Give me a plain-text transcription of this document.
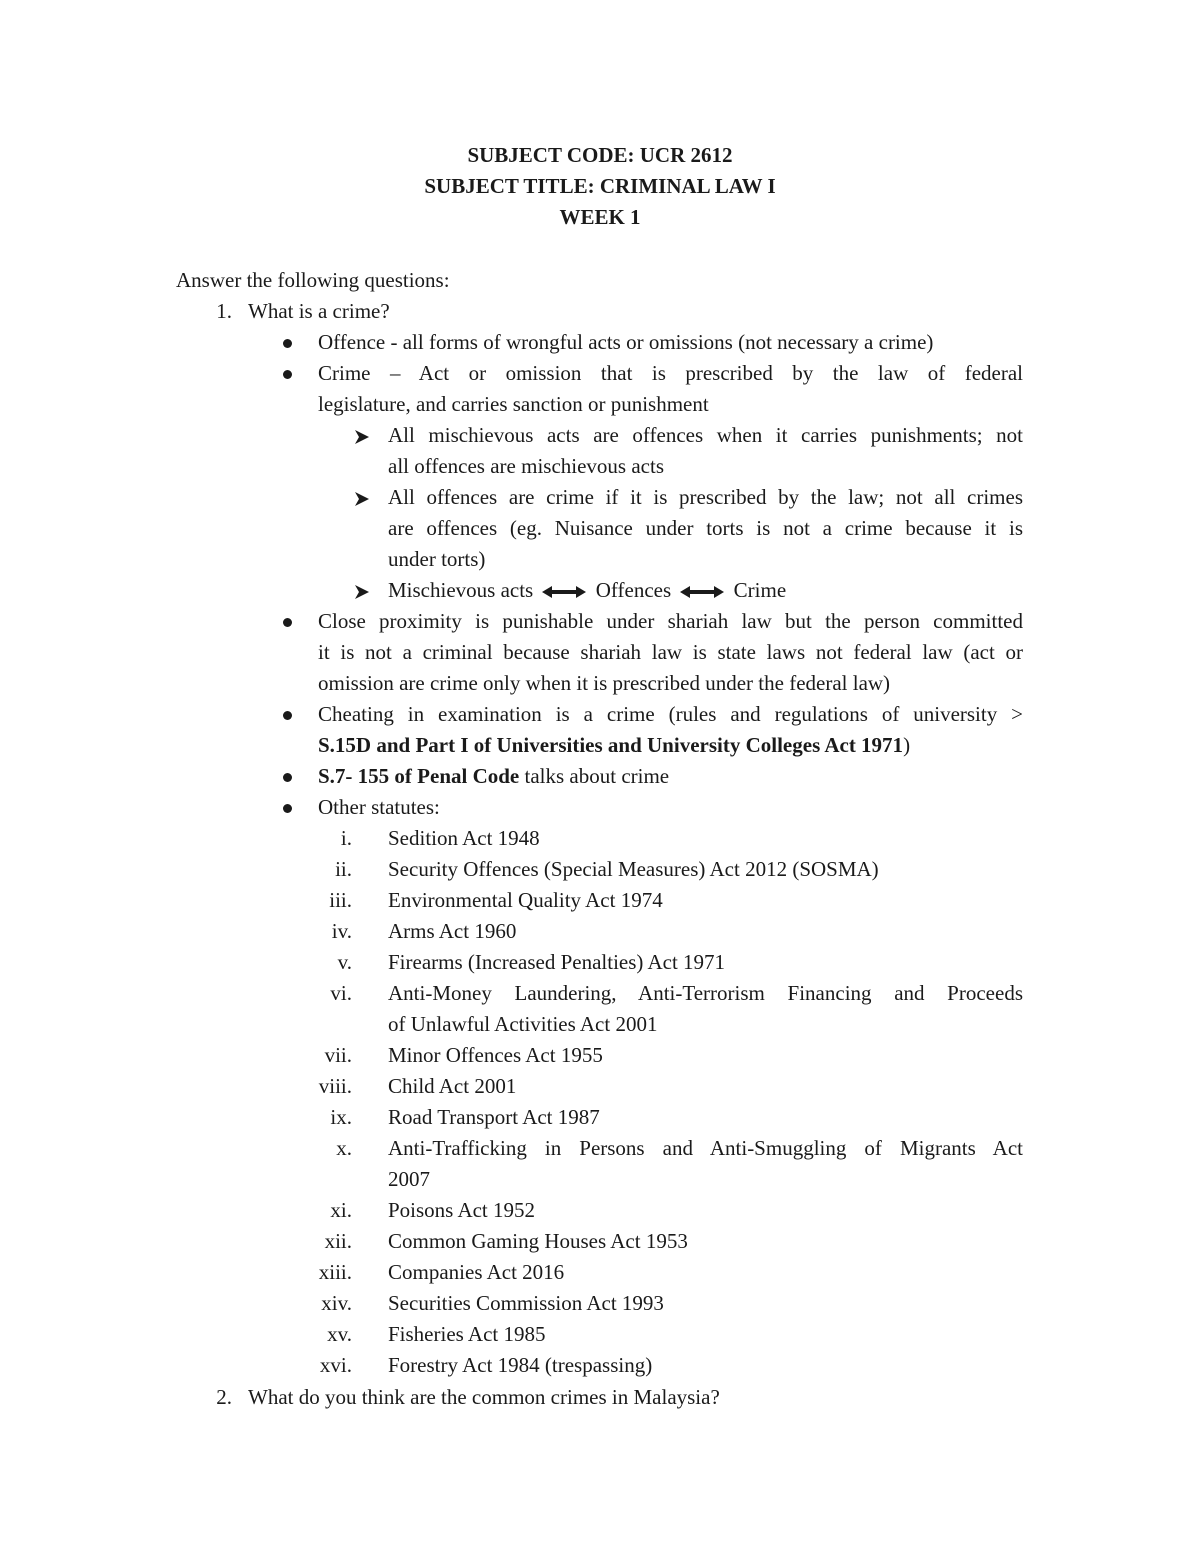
SUBJECT CODE: UCR 2612
SUBJECT TITLE: CRIMINAL LAW I
WEEK 1
Answer the following questions:
1. What is a crime?
Offence - all forms of wrongful acts or omissions (not necessary a crime)
Crime – Act or omission that is prescribed by the law of federal
legislature, and carries sanction or punishment
All mischievous acts are offences when it carries punishments; not
all offences are mischievous acts
All offences are crime if it is prescribed by the law; not all crimes
are offences (eg. Nuisance under torts is not a crime because it is
under torts)
Mischievous acts	Offences	Crime
Close proximity is punishable under shariah law but the person committed
it is not a criminal because shariah law is state laws not federal law (act or
omission are crime only when it is prescribed under the federal law)
Cheating in examination is a crime (rules and regulations of university >
S.15D and Part I of Universities and University Colleges Act 1971)
S.7- 155 of Penal Code talks about crime
Other statutes:
i. Sedition Act 1948
ii. Security Offences (Special Measures) Act 2012 (SOSMA)
iii. Environmental Quality Act 1974
iv. Arms Act 1960
v. Firearms (Increased Penalties) Act 1971
vi. Anti-Money Laundering, Anti-Terrorism Financing and Proceeds
of Unlawful Activities Act 2001
vii. Minor Offences Act 1955
viii. Child Act 2001
ix. Road Transport Act 1987
x. Anti-Trafficking in Persons and Anti-Smuggling of Migrants Act
2007
xi. Poisons Act 1952
xii. Common Gaming Houses Act 1953
xiii. Companies Act 2016
xiv. Securities Commission Act 1993
xv. Fisheries Act 1985
xvi. Forestry Act 1984 (trespassing)
2. What do you think are the common crimes in Malaysia?
